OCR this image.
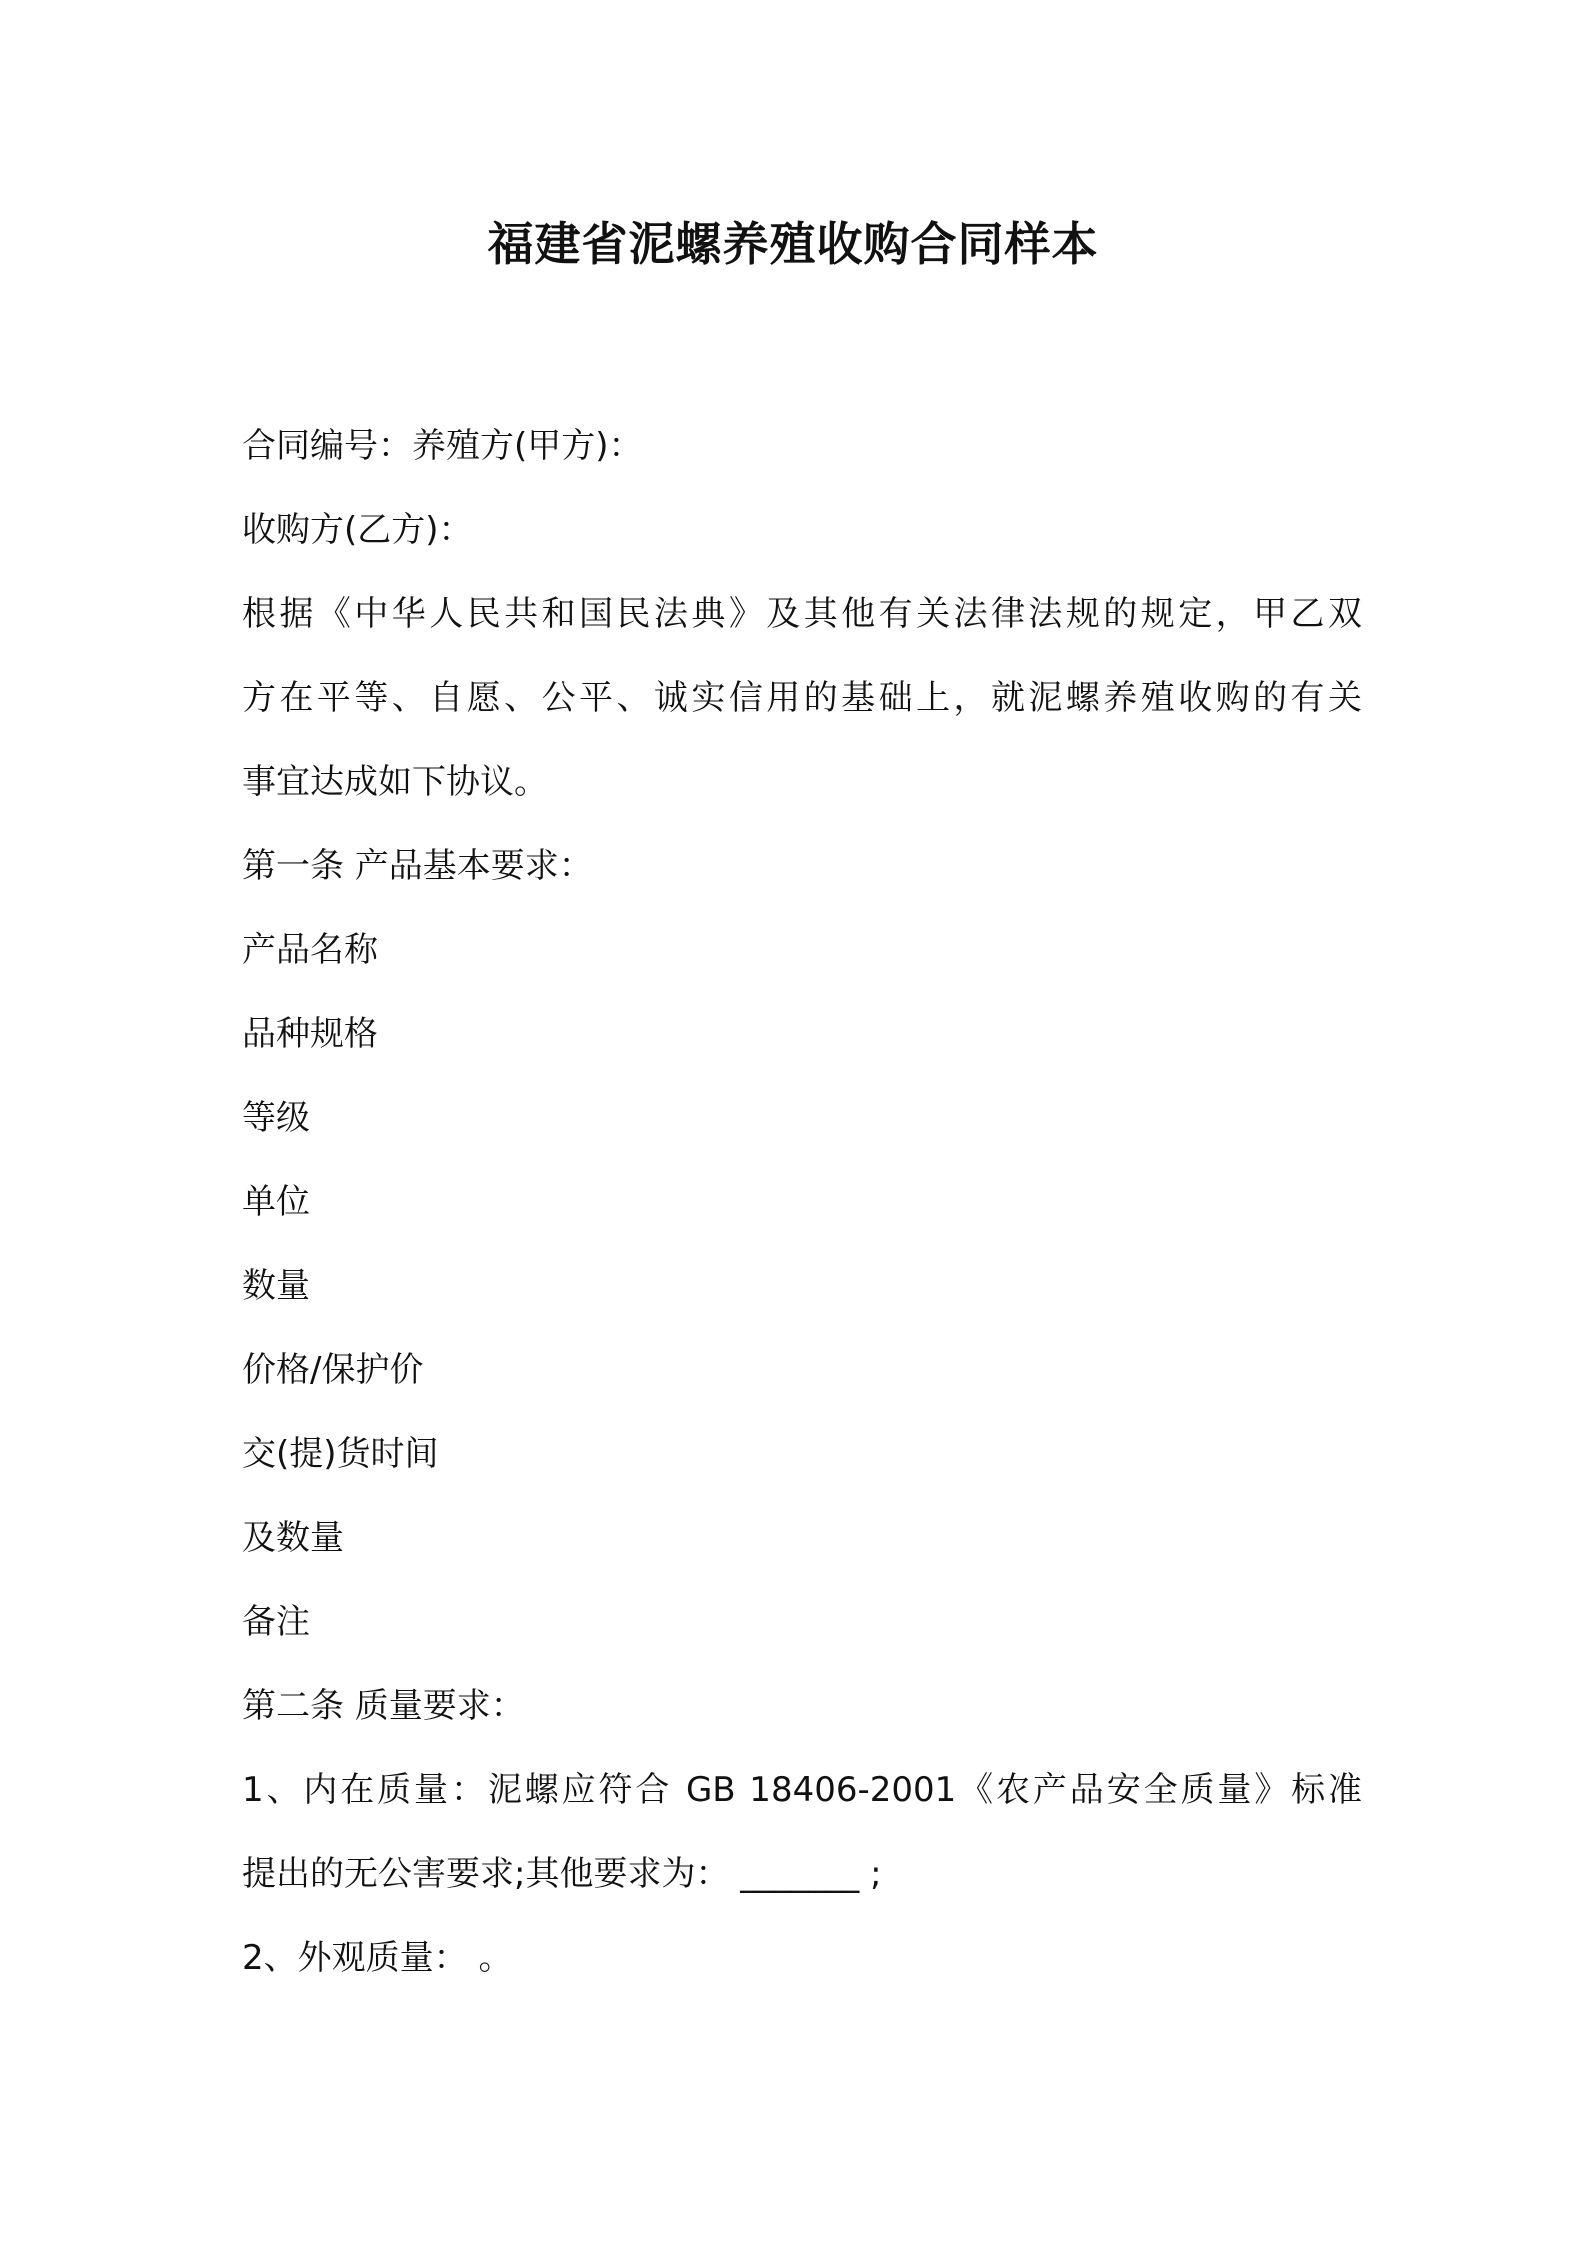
福建省泥螺养殖收购合同样本
合同编号：养殖方(甲方)：
收购方(乙方)：
根据《中华人民共和国民法典》及其他有关法律法规的规定，甲乙双
方在平等、自愿、公平、诚实信用的基础上，就泥螺养殖收购的有关
事宜达成如下协议。
第一条 产品基本要求：
产品名称
品种规格
等级
单位
数量
价格/保护价
交(提)货时间
及数量
备注
第二条 质量要求：
1、内在质量：泥螺应符合 GB 18406-2001《农产品安全质量》标准
提出的无公害要求;其他要求为： _______ ;
2、外观质量： 。
